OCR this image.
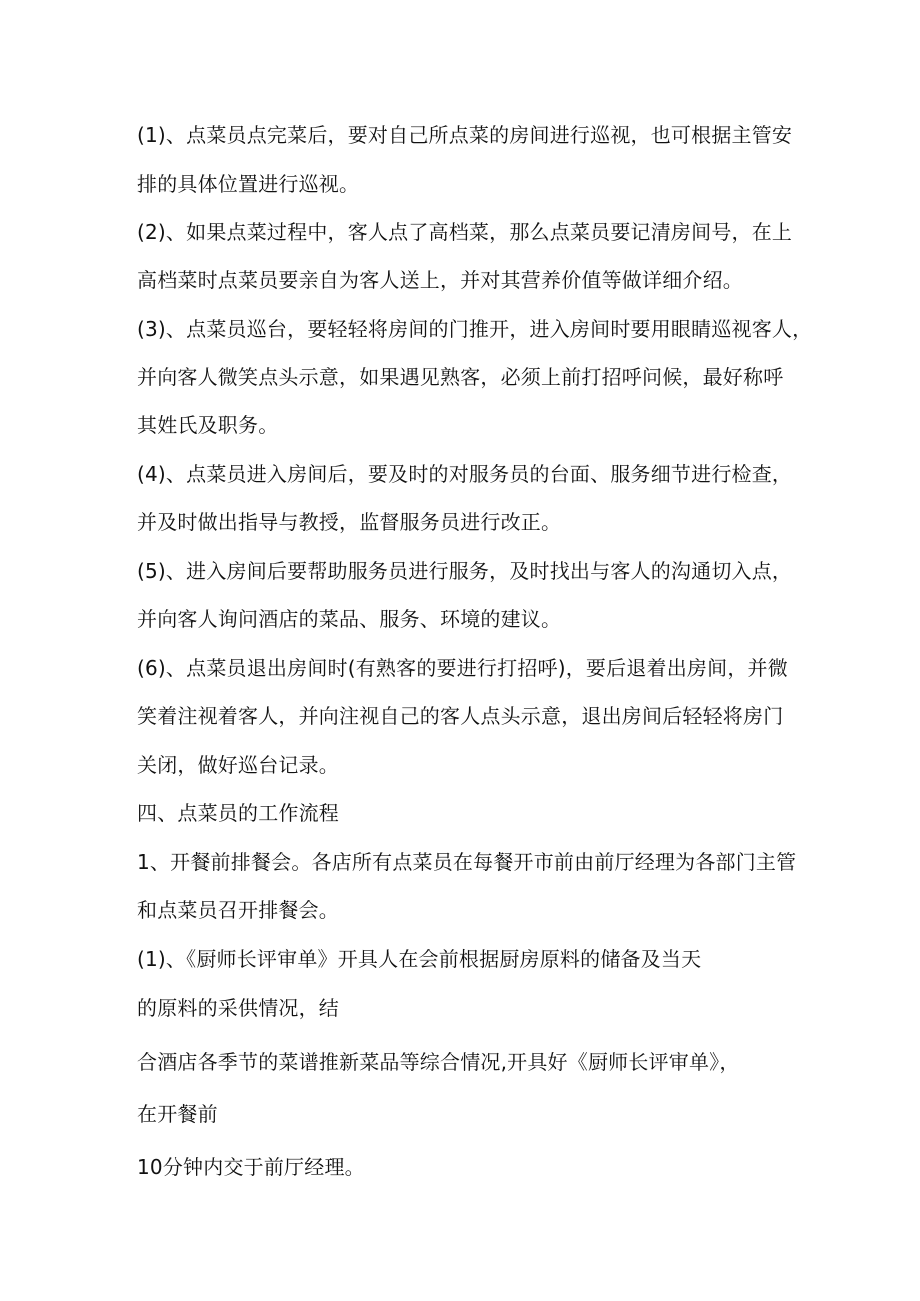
(1)、点菜员点完菜后，要对自己所点菜的房间进行巡视，也可根据主管安

排的具体位置进行巡视。

(2)、如果点菜过程中，客人点了高档菜，那么点菜员要记清房间号，在上

高档菜时点菜员要亲自为客人送上，并对其营养价值等做详细介绍。

(3)、点菜员巡台，要轻轻将房间的门推开，进入房间时要用眼睛巡视客人，

并向客人微笑点头示意，如果遇见熟客，必须上前打招呼问候，最好称呼

其姓氏及职务。

(4)、点菜员进入房间后，要及时的对服务员的台面、服务细节进行检查，

并及时做出指导与教授，监督服务员进行改正。

(5)、进入房间后要帮助服务员进行服务，及时找出与客人的沟通切入点，

并向客人询问酒店的菜品、服务、环境的建议。

(6)、点菜员退出房间时(有熟客的要进行打招呼)，要后退着出房间，并微

笑着注视着客人，并向注视自己的客人点头示意，退出房间后轻轻将房门

关闭，做好巡台记录。

四、点菜员的工作流程

1、开餐前排餐会。各店所有点菜员在每餐开市前由前厅经理为各部门主管

和点菜员召开排餐会。

(1)、《厨师长评审单》开具人在会前根据厨房原料的储备及当天

的原料的采供情况，结

合酒店各季节的菜谱推新菜品等综合情况,开具好《厨师长评审单》，

在开餐前

10分钟内交于前厅经理。
